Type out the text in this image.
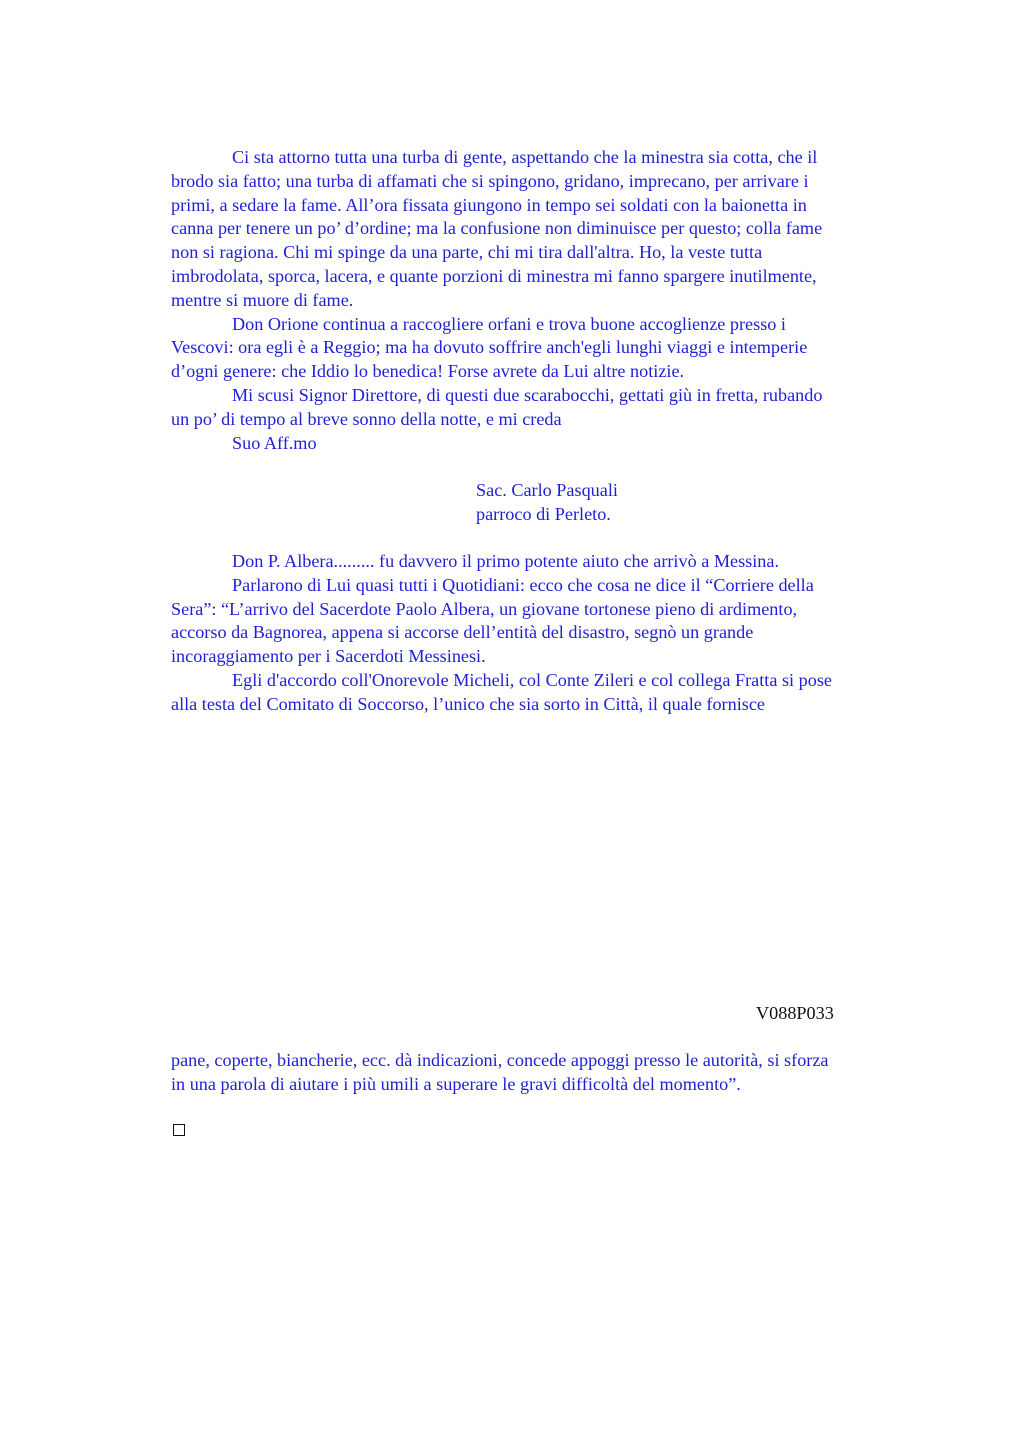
Ci sta attorno tutta una turba di gente, aspettando che la minestra sia cotta, che il
brodo sia fatto; una turba di affamati che si spingono, gridano, imprecano, per arrivare i
primi, a sedare la fame. All’ora fissata giungono in tempo sei soldati con la baionetta in
canna per tenere un po’ d’ordine; ma la confusione non diminuisce per questo; colla fame
non si ragiona. Chi mi spinge da una parte, chi mi tira dall'altra. Ho, la veste tutta
imbrodolata, sporca, lacera, e quante porzioni di minestra mi fanno spargere inutilmente,
mentre si muore di fame.
Don Orione continua a raccogliere orfani e trova buone accoglienze presso i
Vescovi: ora egli è a Reggio; ma ha dovuto soffrire anch'egli lunghi viaggi e intemperie
d’ogni genere: che Iddio lo benedica! Forse avrete da Lui altre notizie.
Mi scusi Signor Direttore, di questi due scarabocchi, gettati giù in fretta, rubando
un po’ di tempo al breve sonno della notte, e mi creda
Suo Aff.mo
Sac. Carlo Pasquali
parroco di Perleto.
Don P. Albera......... fu davvero il primo potente aiuto che arrivò a Messina.
Parlarono di Lui quasi tutti i Quotidiani: ecco che cosa ne dice il “Corriere della
Sera”: “L’arrivo del Sacerdote Paolo Albera, un giovane tortonese pieno di ardimento,
accorso da Bagnorea, appena si accorse dell’entità del disastro, segnò un grande
incoraggiamento per i Sacerdoti Messinesi.
Egli d'accordo coll'Onorevole Micheli, col Conte Zileri e col collega Fratta si pose
alla testa del Comitato di Soccorso, l’unico che sia sorto in Città, il quale fornisce
V088P033
pane, coperte, biancherie, ecc. dà indicazioni, concede appoggi presso le autorità, si sforza
in una parola di aiutare i più umili a superare le gravi difficoltà del momento”.
